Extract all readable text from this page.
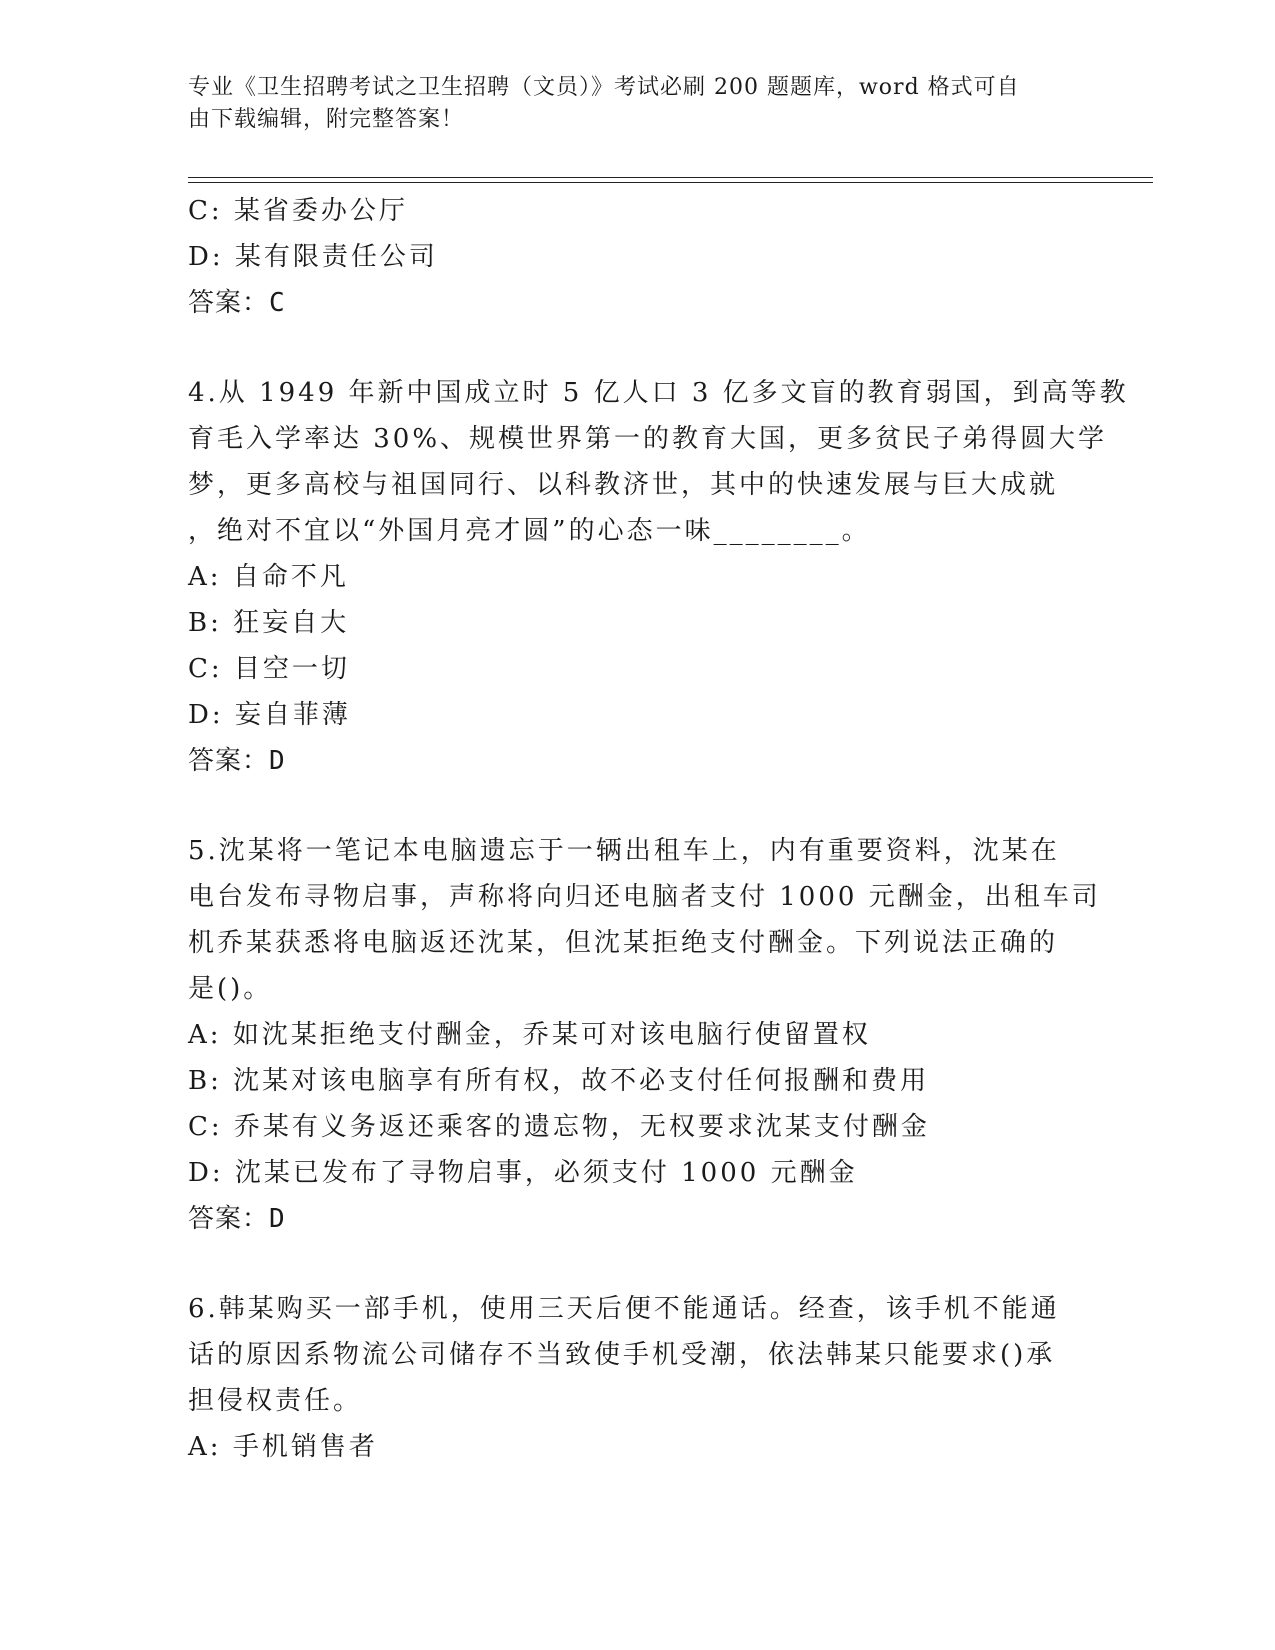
专业《卫生招聘考试之卫生招聘（文员）》考试必刷 200 题题库，word 格式可自
由下载编辑，附完整答案！
C: 某省委办公厅
D: 某有限责任公司
答案：C
4.从 1949 年新中国成立时 5 亿人口 3 亿多文盲的教育弱国，到高等教
育毛入学率达 30%、规模世界第一的教育大国，更多贫民子弟得圆大学
梦，更多高校与祖国同行、以科教济世，其中的快速发展与巨大成就
，绝对不宜以“外国月亮才圆”的心态一味________。
A: 自命不凡
B: 狂妄自大
C: 目空一切
D: 妄自菲薄
答案：D
5.沈某将一笔记本电脑遗忘于一辆出租车上，内有重要资料，沈某在
电台发布寻物启事，声称将向归还电脑者支付 1000 元酬金，出租车司
机乔某获悉将电脑返还沈某，但沈某拒绝支付酬金。下列说法正确的
是()。
A: 如沈某拒绝支付酬金，乔某可对该电脑行使留置权
B: 沈某对该电脑享有所有权，故不必支付任何报酬和费用
C: 乔某有义务返还乘客的遗忘物，无权要求沈某支付酬金
D: 沈某已发布了寻物启事，必须支付 1000 元酬金
答案：D
6.韩某购买一部手机，使用三天后便不能通话。经查，该手机不能通
话的原因系物流公司储存不当致使手机受潮，依法韩某只能要求()承
担侵权责任。
A: 手机销售者
